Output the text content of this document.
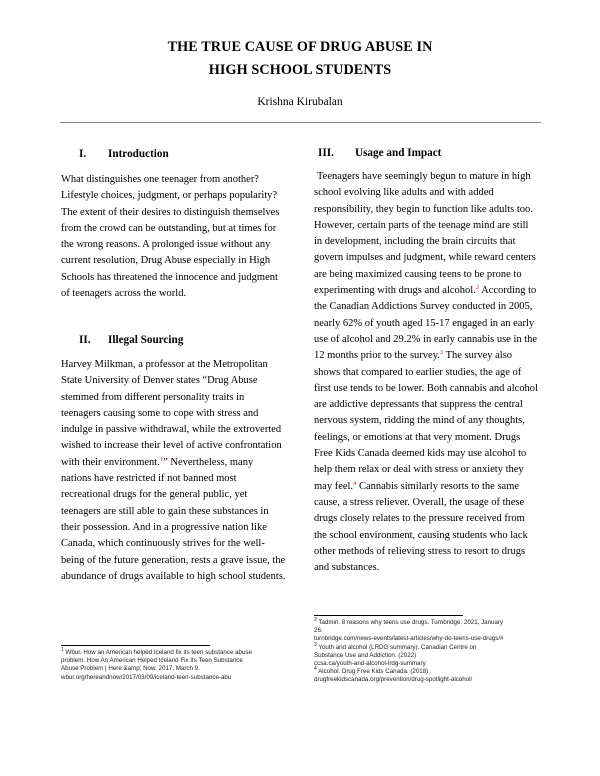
THE TRUE CAUSE OF DRUG ABUSE IN
HIGH SCHOOL STUDENTS
Krishna Kirubalan
I. Introduction

What distinguishes one teenager from another? Lifestyle choices, judgment, or perhaps popularity? The extent of their desires to distinguish themselves from the crowd can be outstanding, but at times for the wrong reasons. A prolonged issue without any current resolution, Drug Abuse especially in High Schools has threatened the innocence and judgment of teenagers across the world.

II. Illegal Sourcing

Harvey Milkman, a professor at the Metropolitan State University of Denver states “Drug Abuse stemmed from different personality traits in teenagers causing some to cope with stress and indulge in passive withdrawal, while the extroverted wished to increase their level of active confrontation with their environment.$^1$” Nevertheless, many nations have restricted if not banned most recreational drugs for the general public, yet teenagers are still able to gain these substances in their possession. And in a progressive nation like Canada, which continuously strives for the well-being of the future generation, rests a grave issue, the abundance of drugs available to high school students.

III. Usage and Impact

Teenagers have seemingly begun to mature in high school evolving like adults and with added responsibility, they begin to function like adults too. However, certain parts of the teenage mind are still in development, including the brain circuits that govern impulses and judgment, while reward centers are being maximized causing teens to be prone to experimenting with drugs and alcohol.$^2$ According to the Canadian Addictions Survey conducted in 2005, nearly 62% of youth aged 15-17 engaged in an early use of alcohol and 29.2% in early cannabis use in the 12 months prior to the survey.$^3$ The survey also shows that compared to earlier studies, the age of first use tends to be lower. Both cannabis and alcohol are addictive depressants that suppress the central nervous system, ridding the mind of any thoughts, feelings, or emotions at that very moment. Drugs Free Kids Canada deemed kids may use alcohol to help them relax or deal with stress or anxiety they may feel.$^4$ Cannabis similarly resorts to the same cause, a stress reliever. Overall, the usage of these drugs closely relates to the pressure received from the school environment, causing students who lack other methods of relieving stress to resort to drugs and substances.

$^1$ Wbur. How an American helped Iceland fix its teen substance abuse
problem. How An American Helped Iceland Fix Its Teen Substance
Abuse Problem | Here &amp; Now. 2017, March 9.
wbur.org/hereandnow/2017/03/09/iceland-teen-substance-abu

$^2$ Tadmin. 8 reasons why teens use drugs. Turnbridge. 2021, January
26.
turnbridge.com/news-events/latest-articles/why-do-teens-use-drugs/#

$^3$ Youth and alcohol (LRDG summary). Canadian Centre on
Substance Use and Addiction. (2022)
ccsa.ca/youth-and-alcohol-lrdg-summary

$^4$ Alcohol. Drug Free Kids Canada. (2018)
drugfreekidscanada.org/prevention/drug-spotlight-alcohol/
